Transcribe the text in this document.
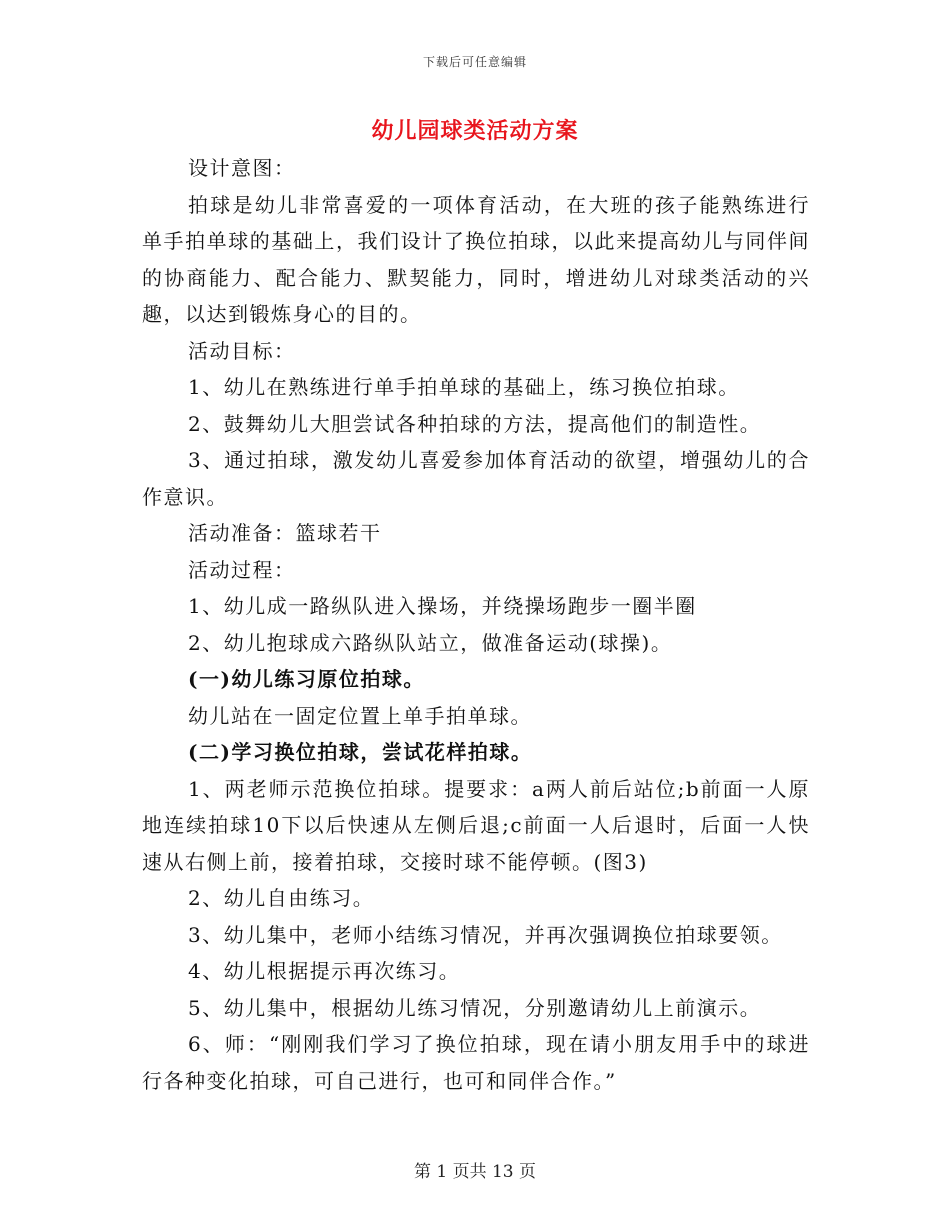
下载后可任意编辑
幼儿园球类活动方案

设计意图：

拍球是幼儿非常喜爱的一项体育活动，在大班的孩子能熟练进行单手拍单球的基础上，我们设计了换位拍球，以此来提高幼儿与同伴间的协商能力、配合能力、默契能力，同时，增进幼儿对球类活动的兴趣，以达到锻炼身心的目的。

活动目标：

1、幼儿在熟练进行单手拍单球的基础上，练习换位拍球。

2、鼓舞幼儿大胆尝试各种拍球的方法，提高他们的制造性。

3、通过拍球，激发幼儿喜爱参加体育活动的欲望，增强幼儿的合作意识。

活动准备：篮球若干

活动过程：

1、幼儿成一路纵队进入操场，并绕操场跑步一圈半圈

2、幼儿抱球成六路纵队站立，做准备运动(球操)。

(一)幼儿练习原位拍球。

幼儿站在一固定位置上单手拍单球。

(二)学习换位拍球，尝试花样拍球。

1、两老师示范换位拍球。提要求：a两人前后站位;b前面一人原地连续拍球10下以后快速从左侧后退;c前面一人后退时，后面一人快速从右侧上前，接着拍球，交接时球不能停顿。(图3)

2、幼儿自由练习。

3、幼儿集中，老师小结练习情况，并再次强调换位拍球要领。

4、幼儿根据提示再次练习。

5、幼儿集中，根据幼儿练习情况，分别邀请幼儿上前演示。

6、师：“刚刚我们学习了换位拍球，现在请小朋友用手中的球进行各种变化拍球，可自己进行，也可和同伴合作。”

第 1 页共 13 页
